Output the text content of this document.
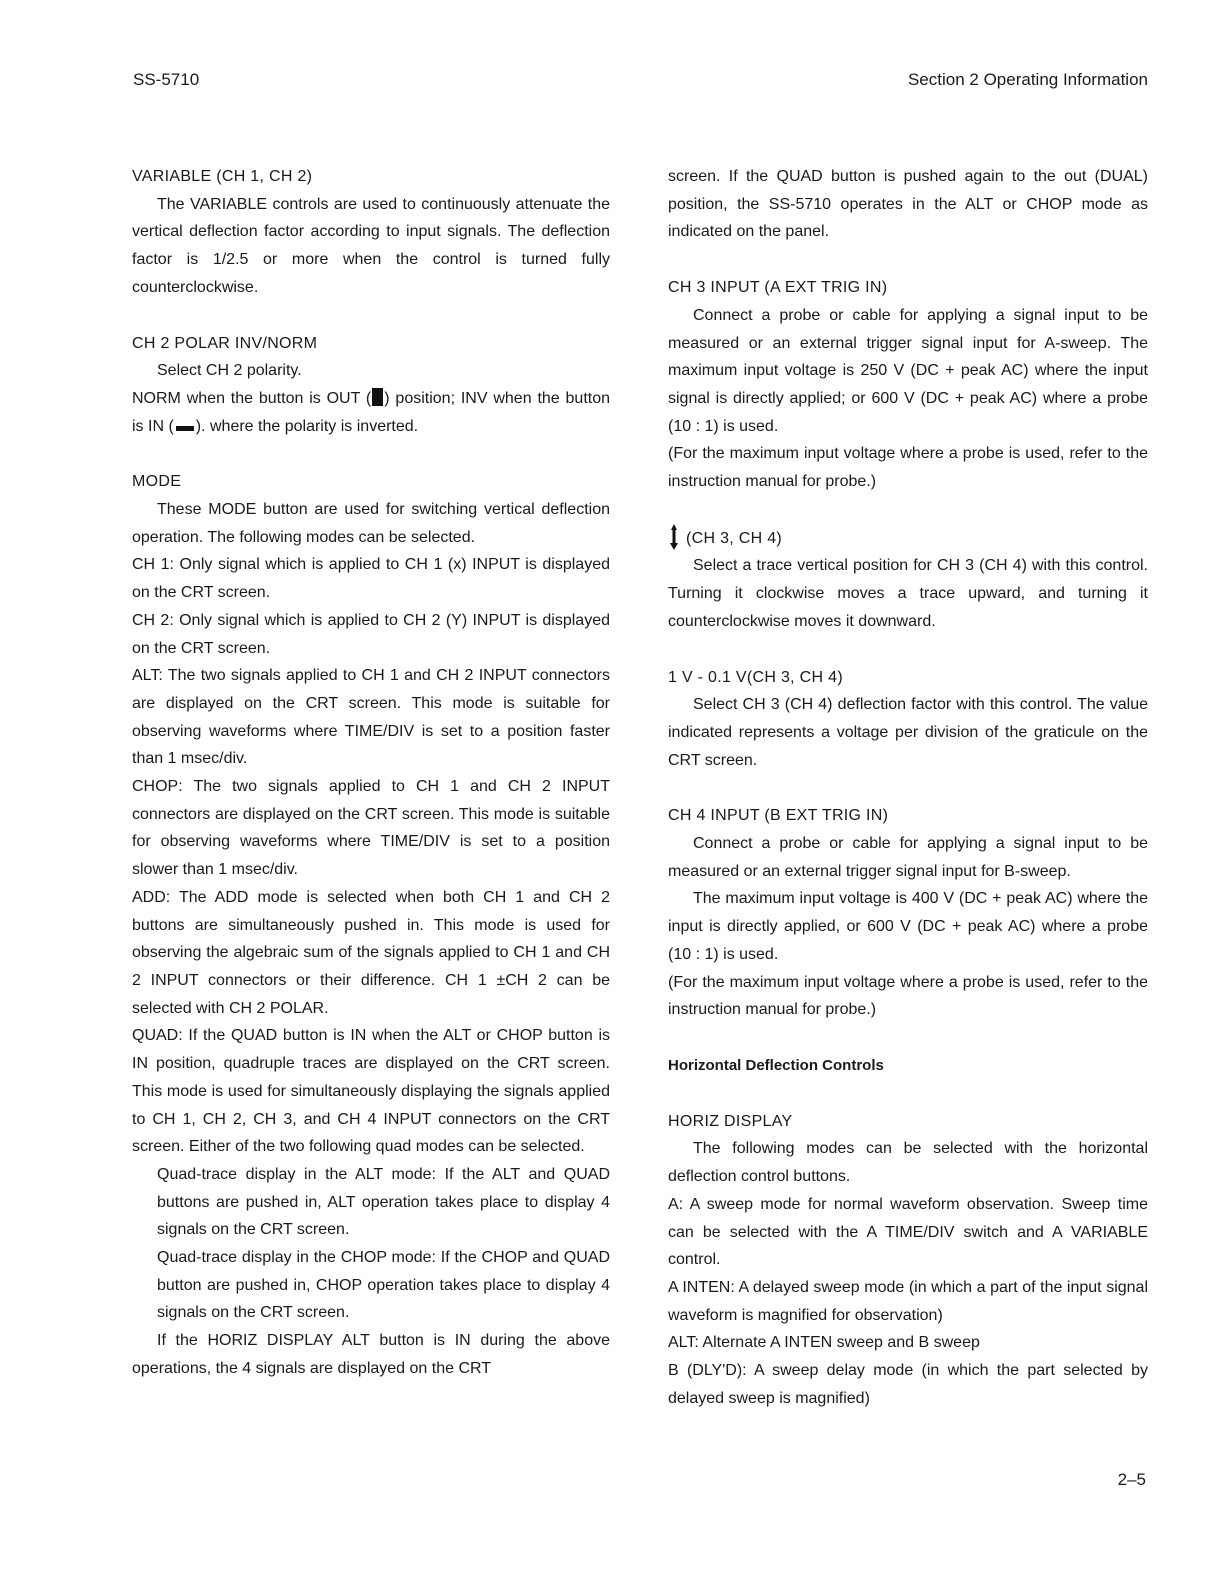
SS-5710	Section 2 Operating Information

VARIABLE (CH 1, CH 2)

The VARIABLE controls are used to continuously attenuate the vertical deflection factor according to input signals. The deflection factor is 1/2.5 or more when the control is turned fully counterclockwise.

CH 2 POLAR INV/NORM

Select CH 2 polarity.

NORM when the button is OUT ( ) position; INV when the button is IN ( ). where the polarity is inverted.

MODE

These MODE button are used for switching vertical deflection operation. The following modes can be selected.

CH 1: Only signal which is applied to CH 1 (x) INPUT is displayed on the CRT screen.

CH 2: Only signal which is applied to CH 2 (Y) INPUT is displayed on the CRT screen.

ALT: The two signals applied to CH 1 and CH 2 INPUT connectors are displayed on the CRT screen. This mode is suitable for observing waveforms where TIME/DIV is set to a position faster than 1 msec/div.

CHOP: The two signals applied to CH 1 and CH 2 INPUT connectors are displayed on the CRT screen. This mode is suitable for observing waveforms where TIME/DIV is set to a position slower than 1 msec/div.

ADD: The ADD mode is selected when both CH 1 and CH 2 buttons are simultaneously pushed in. This mode is used for observing the algebraic sum of the signals applied to CH 1 and CH 2 INPUT connectors or their difference. CH 1 ±CH 2 can be selected with CH 2 POLAR.

QUAD: If the QUAD button is IN when the ALT or CHOP button is IN position, quadruple traces are displayed on the CRT screen. This mode is used for simultaneously displaying the signals applied to CH 1, CH 2, CH 3, and CH 4 INPUT connectors on the CRT screen. Either of the two following quad modes can be selected.

Quad-trace display in the ALT mode: If the ALT and QUAD buttons are pushed in, ALT operation takes place to display 4 signals on the CRT screen.

Quad-trace display in the CHOP mode: If the CHOP and QUAD button are pushed in, CHOP operation takes place to display 4 signals on the CRT screen.

If the HORIZ DISPLAY ALT button is IN during the above operations, the 4 signals are displayed on the CRT

screen. If the QUAD button is pushed again to the out (DUAL) position, the SS-5710 operates in the ALT or CHOP mode as indicated on the panel.

CH 3 INPUT (A EXT TRIG IN)

Connect a probe or cable for applying a signal input to be measured or an external trigger signal input for A-sweep. The maximum input voltage is 250 V (DC + peak AC) where the input signal is directly applied; or 600 V (DC + peak AC) where a probe (10 : 1) is used.

(For the maximum input voltage where a probe is used, refer to the instruction manual for probe.)

(CH 3, CH 4)

Select a trace vertical position for CH 3 (CH 4) with this control. Turning it clockwise moves a trace upward, and turning it counterclockwise moves it downward.

1 V - 0.1 V(CH 3, CH 4)

Select CH 3 (CH 4) deflection factor with this control. The value indicated represents a voltage per division of the graticule on the CRT screen.

CH 4 INPUT (B EXT TRIG IN)

Connect a probe or cable for applying a signal input to be measured or an external trigger signal input for B-sweep.

The maximum input voltage is 400 V (DC + peak AC) where the input is directly applied, or 600 V (DC + peak AC) where a probe (10 : 1) is used.

(For the maximum input voltage where a probe is used, refer to the instruction manual for probe.)

Horizontal Deflection Controls

HORIZ DISPLAY

The following modes can be selected with the horizontal deflection control buttons.

A: A sweep mode for normal waveform observation. Sweep time can be selected with the A TIME/DIV switch and A VARIABLE control.

A INTEN: A delayed sweep mode (in which a part of the input signal waveform is magnified for observation)

ALT: Alternate A INTEN sweep and B sweep

B (DLY'D): A sweep delay mode (in which the part selected by delayed sweep is magnified)

2–5
